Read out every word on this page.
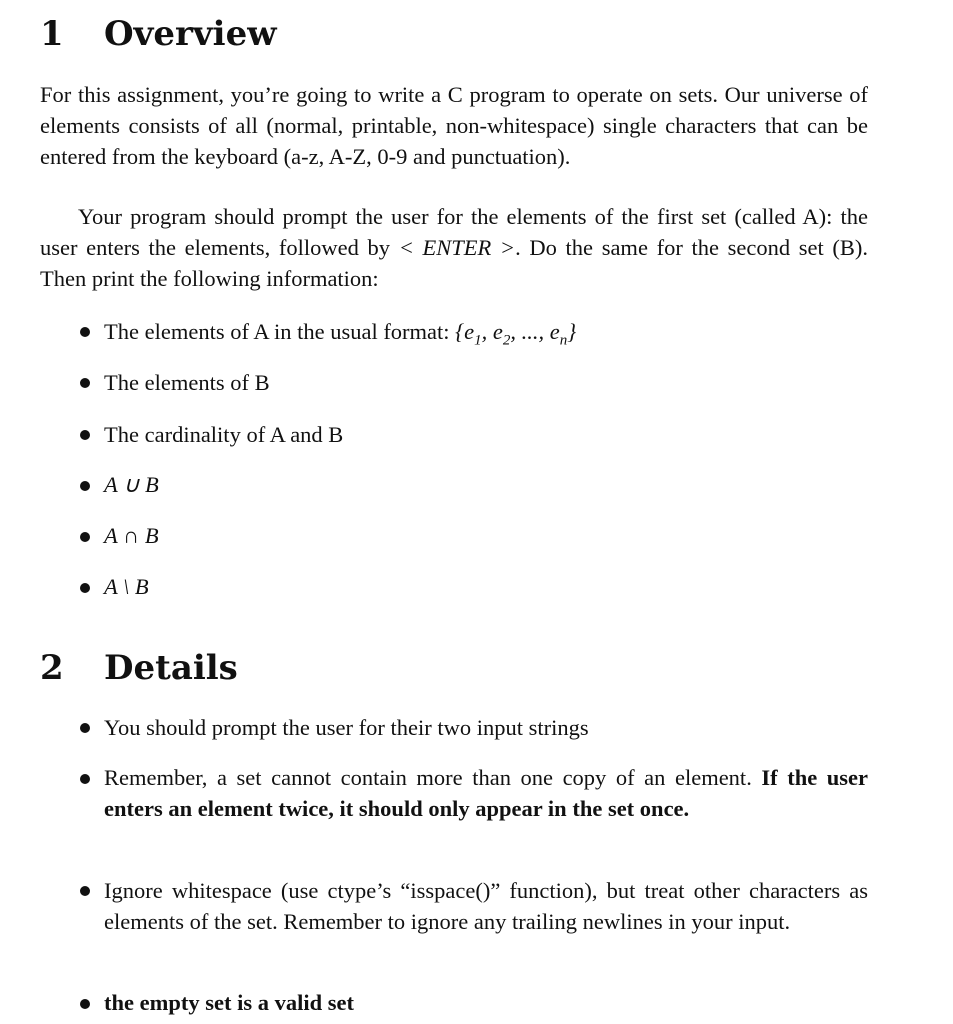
1 Overview

For this assignment, you’re going to write a C program to operate on sets. Our universe of elements consists of all (normal, printable, non-whitespace) single characters that can be entered from the keyboard (a-z, A-Z, 0-9 and punctuation).

Your program should prompt the user for the elements of the first set (called A): the user enters the elements, followed by < ENTER >. Do the same for the second set (B). Then print the following information:

The elements of A in the usual format: {$e_1$, $e_2$, ..., $e_n$}

The elements of B

The cardinality of A and B

A ∪ B

A ∩ B

A \ B

2 Details

You should prompt the user for their two input strings

Remember, a set cannot contain more than one copy of an element. If the user enters an element twice, it should only appear in the set once.

Ignore whitespace (use ctype’s “isspace()” function), but treat other characters as elements of the set. Remember to ignore any trailing newlines in your input.

the empty set is a valid set
